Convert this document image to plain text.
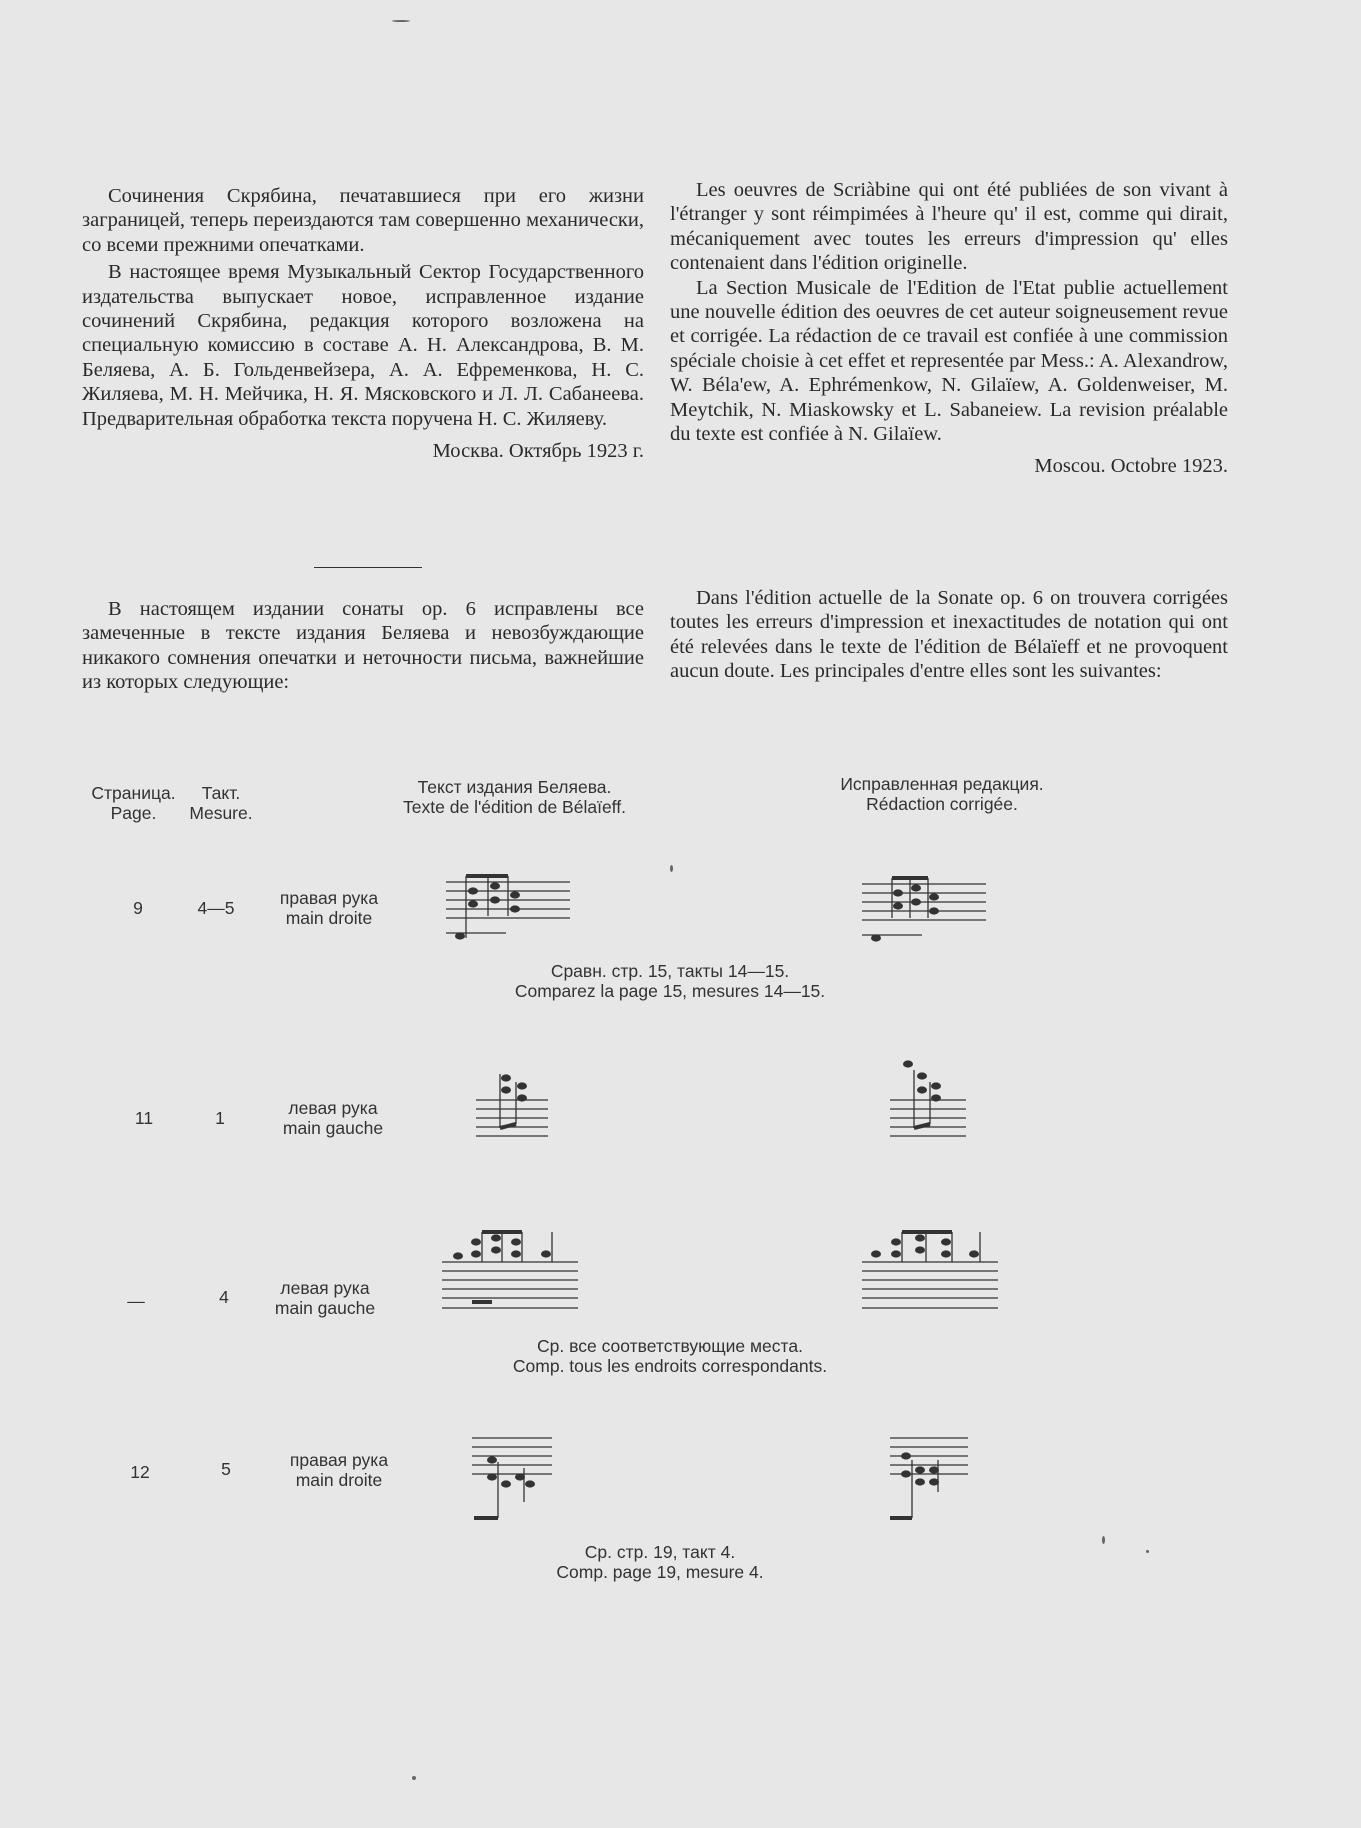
Сочинения Скрябина, печатавшиеся при его жизни заграницей, теперь переиздаются там совершенно механически, со всеми прежними опечатками.

В настоящее время Музыкальный Сектор Государственного издательства выпускает новое, исправленное издание сочинений Скрябина, редакция которого возложена на специальную комиссию в составе А. Н. Александрова, В. М. Беляева, А. Б. Гольденвейзера, А. А. Ефременкова, Н. С. Жиляева, М. Н. Мейчика, Н. Я. Мясковского и Л. Л. Сабанеева. Предварительная обработка текста поручена Н. С. Жиляеву.

Москва. Октябрь 1923 г.

Les oeuvres de Scriàbine qui ont été publiées de son vivant à l'étranger y sont réimpimées à l'heure qu' il est, comme qui dirait, mécaniquement avec toutes les erreurs d'impression qu' elles contenaient dans l'édition originelle.

La Section Musicale de l'Edition de l'Etat publie actuellement une nouvelle édition des oeuvres de cet auteur soigneusement revue et corrigée. La rédaction de ce travail est confiée à une commission spéciale choisie à cet effet et representée par Mess.: A. Alexandrow, W. Béla'ew, A. Ephrémenkow, N. Gilaïew, A. Goldenweiser, M. Meytchik, N. Miaskowsky et L. Sabaneiew. La revision préalable du texte est confiée à N. Gilaïew.

Moscou. Octobre 1923.

В настоящем издании сонаты ор. 6 исправлены все замеченные в тексте издания Беляева и невозбуждающие никакого сомнения опечатки и неточности письма, важнейшие из которых следующие:

Dans l'édition actuelle de la Sonate op. 6 on trouvera corrigées toutes les erreurs d'impression et inexactitudes de notation qui ont été relevées dans le texte de l'édition de Bélaïeff et ne provoquent aucun doute. Les principales d'entre elles sont les suivantes:

Страница.
Page.
Такт.
Mesure.
Текст издания Беляева.
Texte de l'édition de Bélaïeff.
Исправленная редакция.
Rédaction corrigée.
9	4—5	правая рука
main droite
Сравн. стр. 15, такты 14—15.
Comparez la page 15, mesures 14—15.
11	1	левая рука
main gauche
—	4	левая рука
main gauche
Ср. все соответствующие места.
Comp. tous les endroits correspondants.
12	5	правая рука
main droite
Ср. стр. 19, такт 4.
Comp. page 19, mesure 4.
